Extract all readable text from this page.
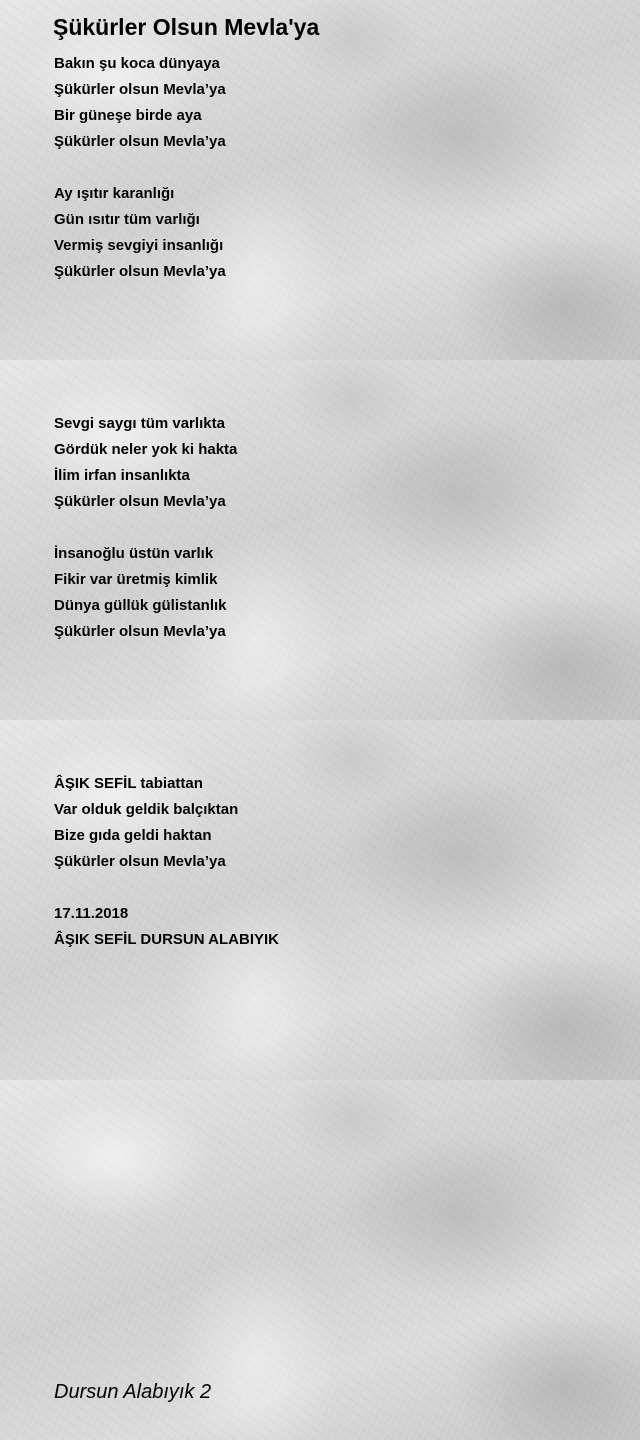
Şükürler Olsun Mevla'ya
Bakın şu koca dünyaya
Şükürler olsun Mevla’ya
Bir güneşe birde aya
Şükürler olsun Mevla’ya
Ay ışıtır karanlığı
Gün ısıtır tüm varlığı
Vermiş sevgiyi insanlığı
Şükürler olsun Mevla’ya
Sevgi saygı tüm varlıkta
Gördük neler yok ki hakta
İlim irfan insanlıkta
Şükürler olsun Mevla’ya
İnsanoğlu üstün varlık
Fikir var üretmiş kimlik
Dünya güllük gülistanlık
Şükürler olsun Mevla’ya
ÂŞIK SEFİL tabiattan
Var olduk geldik balçıktan
Bize gıda geldi haktan
Şükürler olsun Mevla’ya
17.11.2018
ÂŞIK SEFİL DURSUN ALABIYIK
Dursun Alabıyık 2
